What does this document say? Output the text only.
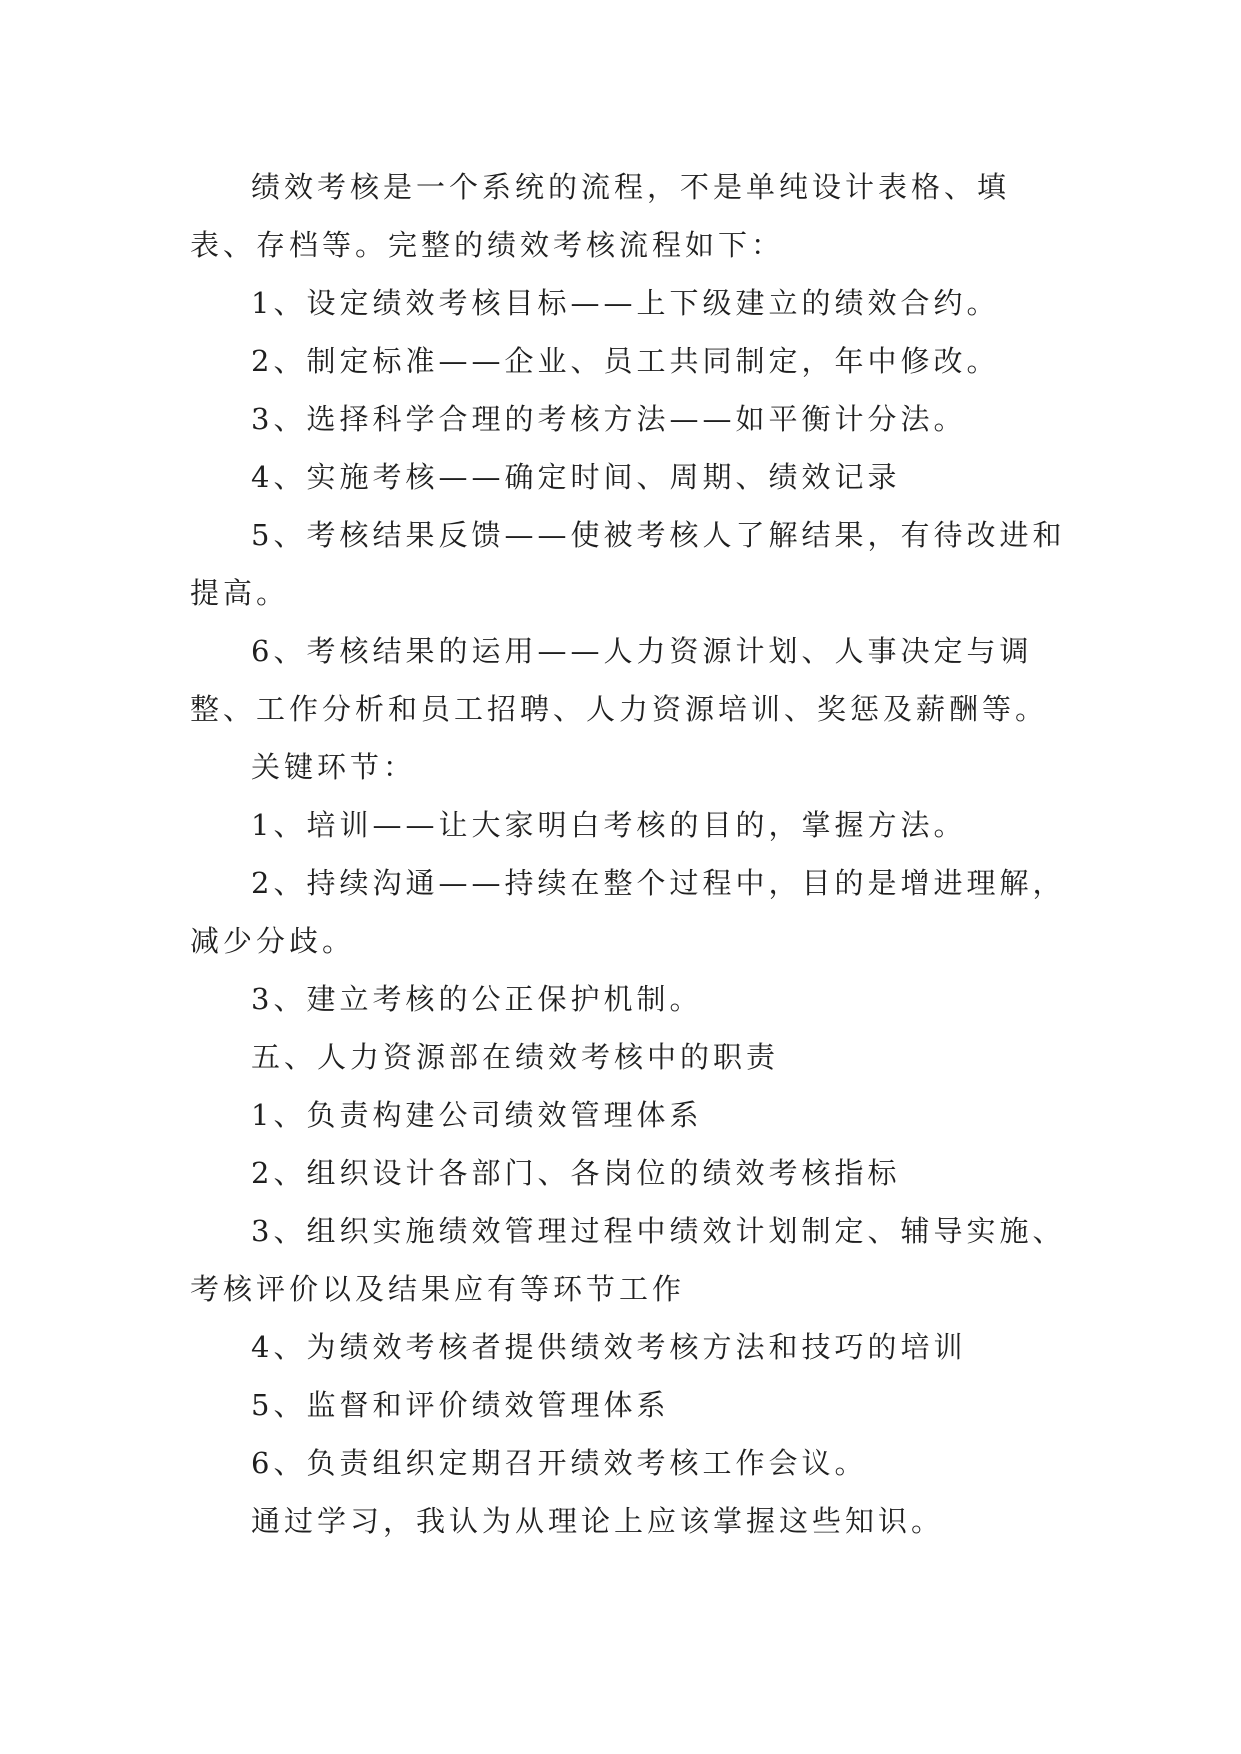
绩效考核是一个系统的流程，不是单纯设计表格、填表、存档等。完整的绩效考核流程如下：

1、设定绩效考核目标——上下级建立的绩效合约。

2、制定标准——企业、员工共同制定，年中修改。

3、选择科学合理的考核方法——如平衡计分法。

4、实施考核——确定时间、周期、绩效记录

5、考核结果反馈——使被考核人了解结果，有待改进和提高。

6、考核结果的运用——人力资源计划、人事决定与调整、工作分析和员工招聘、人力资源培训、奖惩及薪酬等。

关键环节：

1、培训——让大家明白考核的目的，掌握方法。

2、持续沟通——持续在整个过程中，目的是增进理解，减少分歧。

3、建立考核的公正保护机制。

五、人力资源部在绩效考核中的职责

1、负责构建公司绩效管理体系

2、组织设计各部门、各岗位的绩效考核指标

3、组织实施绩效管理过程中绩效计划制定、辅导实施、考核评价以及结果应有等环节工作

4、为绩效考核者提供绩效考核方法和技巧的培训

5、监督和评价绩效管理体系

6、负责组织定期召开绩效考核工作会议。

通过学习，我认为从理论上应该掌握这些知识。
